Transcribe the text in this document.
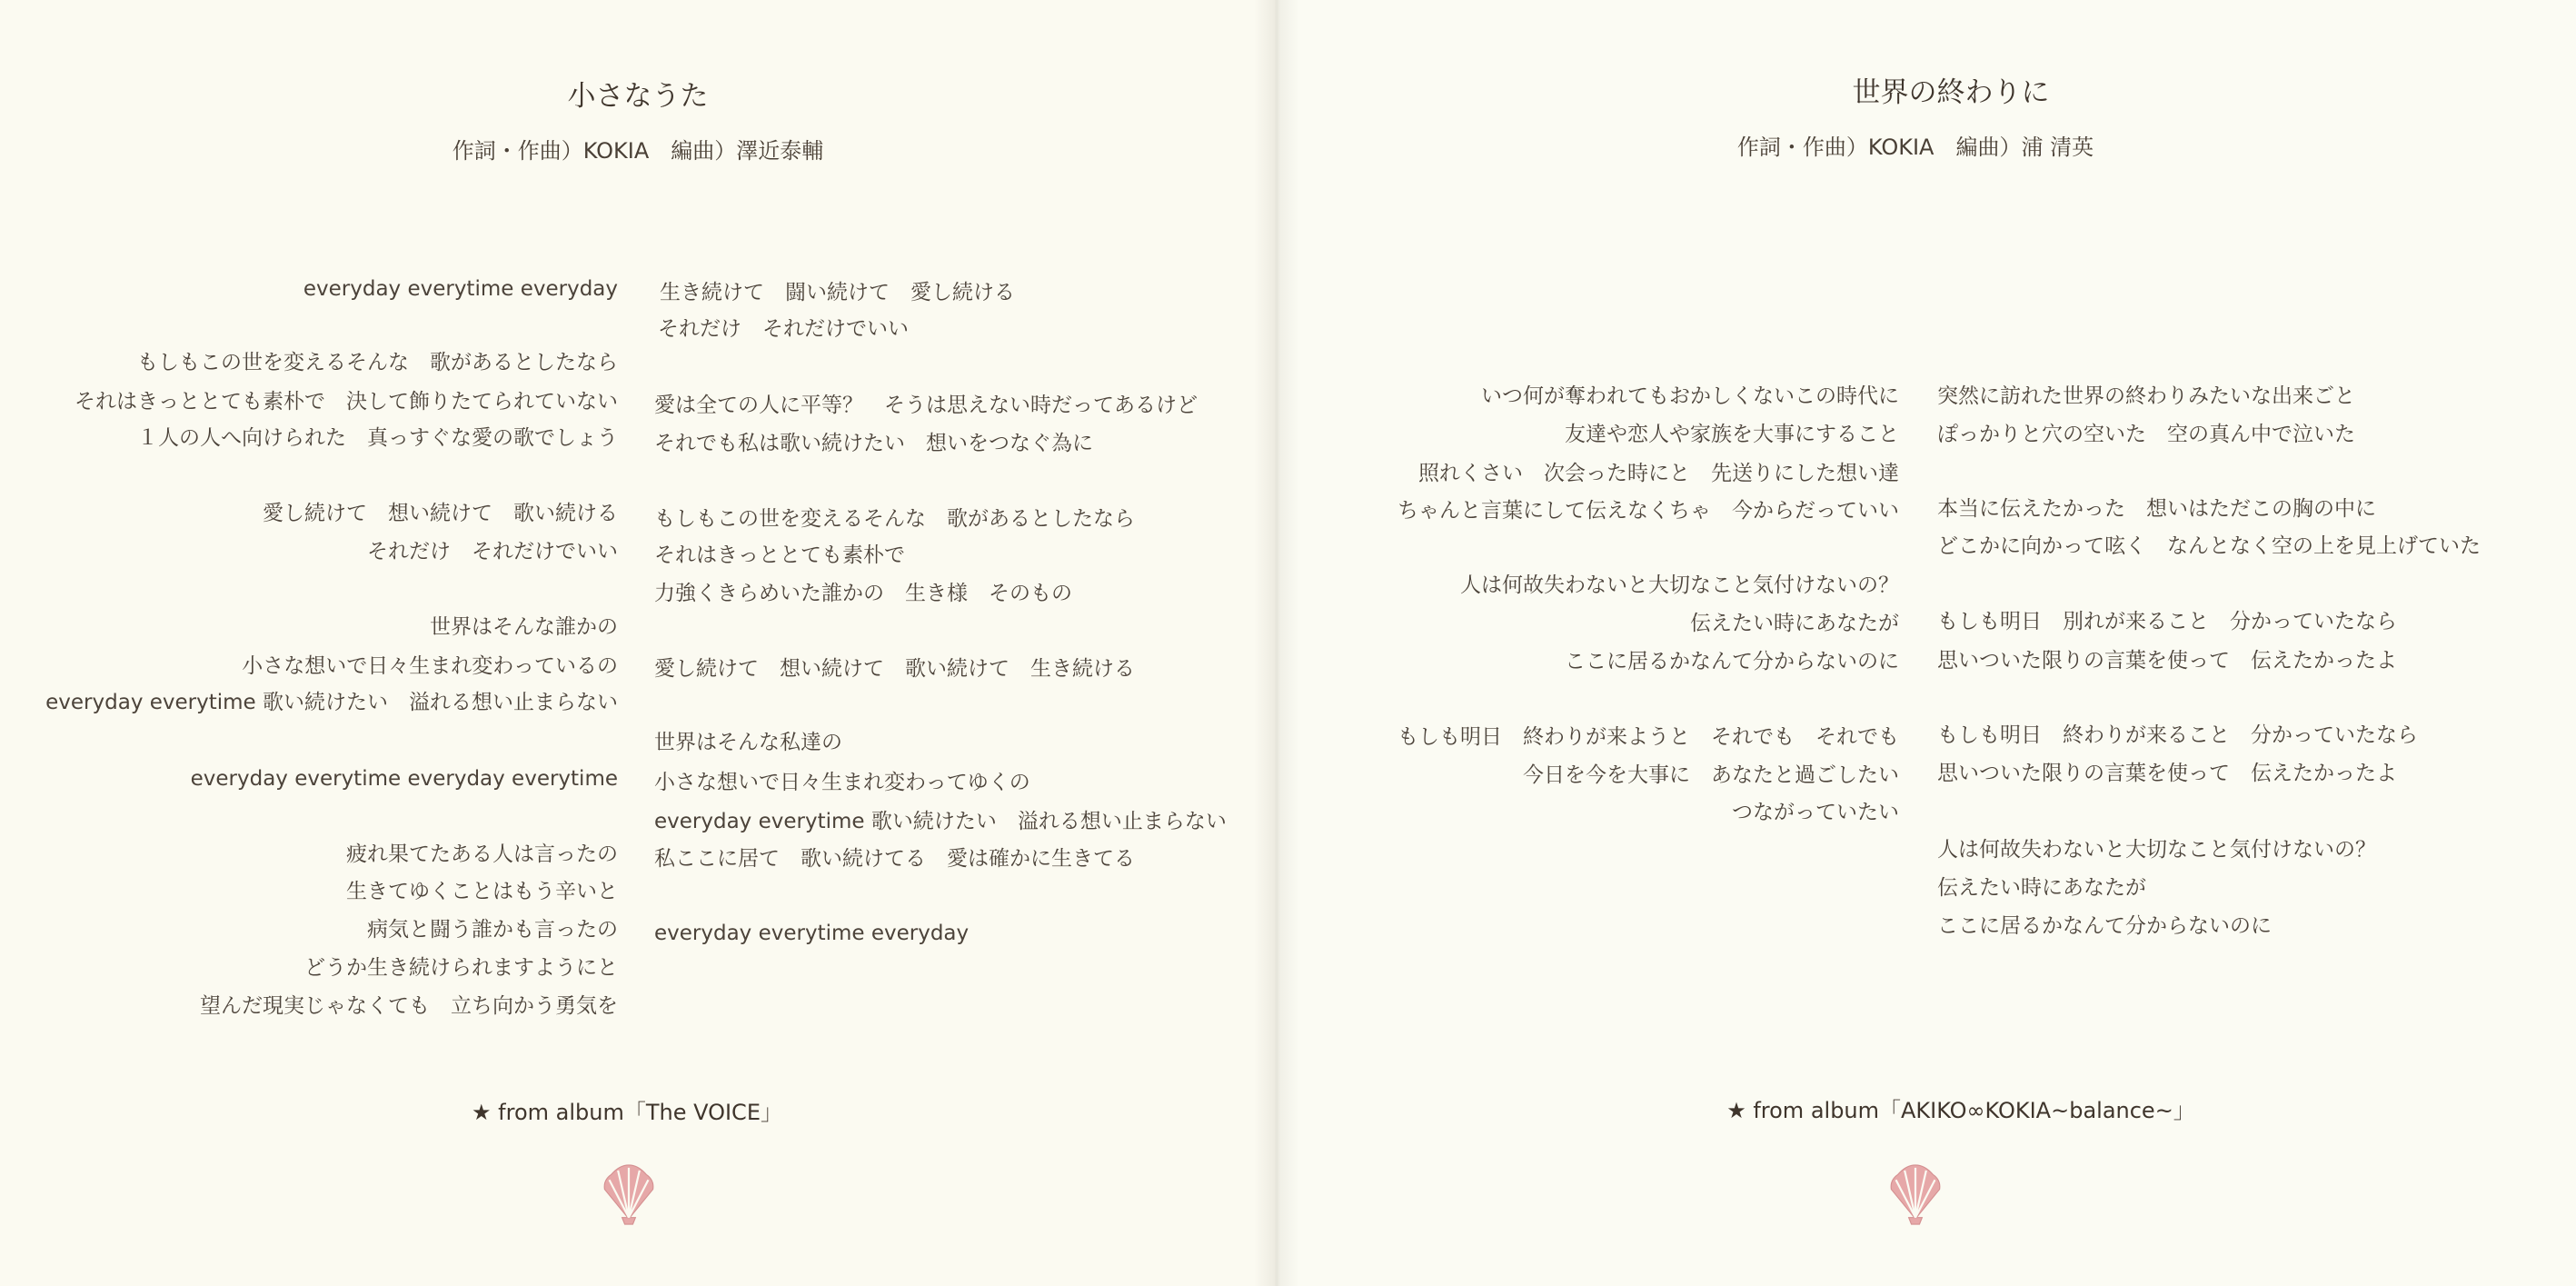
小さなうた
作詞・作曲）KOKIA　編曲）澤近泰輔
everyday everytime everyday
もしもこの世を変えるそんな　歌があるとしたなら
それはきっととても素朴で　決して飾りたてられていない
１人の人へ向けられた　真っすぐな愛の歌でしょう
愛し続けて　想い続けて　歌い続ける
それだけ　それだけでいい
世界はそんな誰かの
小さな想いで日々生まれ変わっているの
everyday everytime 歌い続けたい　溢れる想い止まらない
everyday everytime everyday everytime
疲れ果てたある人は言ったの
生きてゆくことはもう辛いと
病気と闘う誰かも言ったの
どうか生き続けられますようにと
望んだ現実じゃなくても　立ち向かう勇気を
生き続けて　闘い続けて　愛し続ける
それだけ　それだけでいい
愛は全ての人に平等？　そうは思えない時だってあるけど
それでも私は歌い続けたい　想いをつなぐ為に
もしもこの世を変えるそんな　歌があるとしたなら
それはきっととても素朴で
力強くきらめいた誰かの　生き様　そのもの
愛し続けて　想い続けて　歌い続けて　生き続ける
世界はそんな私達の
小さな想いで日々生まれ変わってゆくの
everyday everytime 歌い続けたい　溢れる想い止まらない
私ここに居て　歌い続けてる　愛は確かに生きてる
everyday everytime everyday
★ from album「The VOICE」
世界の終わりに
作詞・作曲）KOKIA　編曲）浦 清英
いつ何が奪われてもおかしくないこの時代に
友達や恋人や家族を大事にすること
照れくさい　次会った時にと　先送りにした想い達
ちゃんと言葉にして伝えなくちゃ　今からだっていい
人は何故失わないと大切なこと気付けないの？
伝えたい時にあなたが
ここに居るかなんて分からないのに
もしも明日　終わりが来ようと　それでも　それでも
今日を今を大事に　あなたと過ごしたい
つながっていたい
突然に訪れた世界の終わりみたいな出来ごと
ぽっかりと穴の空いた　空の真ん中で泣いた
本当に伝えたかった　想いはただこの胸の中に
どこかに向かって呟く　なんとなく空の上を見上げていた
もしも明日　別れが来ること　分かっていたなら
思いついた限りの言葉を使って　伝えたかったよ
もしも明日　終わりが来ること　分かっていたなら
思いついた限りの言葉を使って　伝えたかったよ
人は何故失わないと大切なこと気付けないの？
伝えたい時にあなたが
ここに居るかなんて分からないのに
★ from album「AKIKO∞KOKIA~balance~」
